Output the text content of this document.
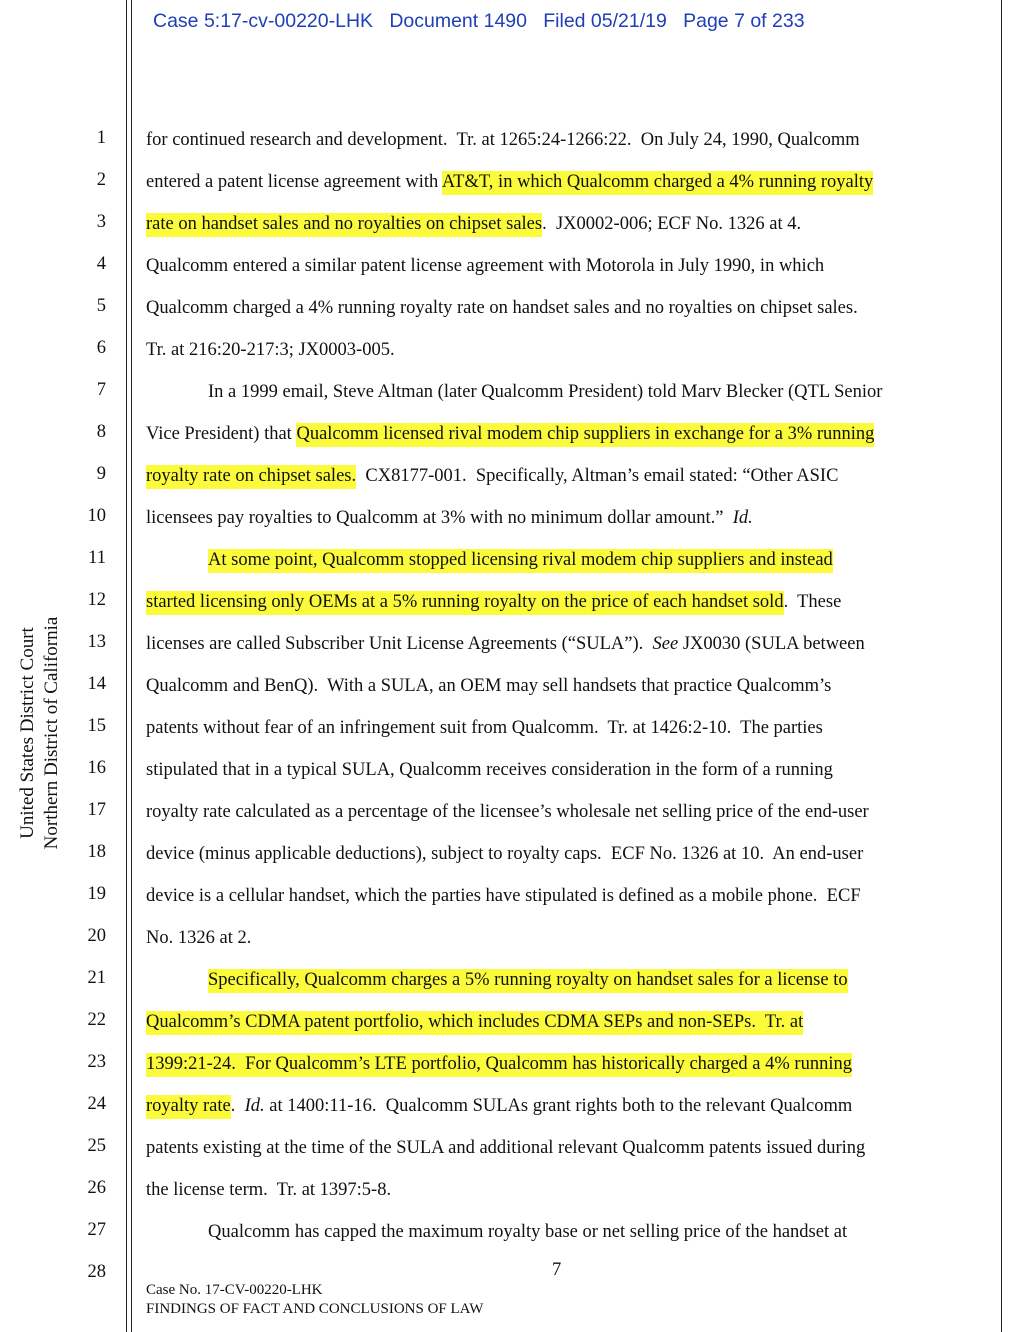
Case 5:17-cv-00220-LHK Document 1490 Filed 05/21/19 Page 7 of 233
United States District Court Northern District of California
1
2
3
4
5
6
7
8
9
10
11
12
13
14
15
16
17
18
19
20
21
22
23
24
25
26
27
28
for continued research and development.  Tr. at 1265:24-1266:22.  On July 24, 1990, Qualcomm
entered a patent license agreement with AT&T, in which Qualcomm charged a 4% running royalty
rate on handset sales and no royalties on chipset sales.  JX0002-006; ECF No. 1326 at 4.
Qualcomm entered a similar patent license agreement with Motorola in July 1990, in which
Qualcomm charged a 4% running royalty rate on handset sales and no royalties on chipset sales.
Tr. at 216:20-217:3; JX0003-005.
In a 1999 email, Steve Altman (later Qualcomm President) told Marv Blecker (QTL Senior
Vice President) that Qualcomm licensed rival modem chip suppliers in exchange for a 3% running
royalty rate on chipset sales.  CX8177-001.  Specifically, Altman’s email stated: “Other ASIC
licensees pay royalties to Qualcomm at 3% with no minimum dollar amount.”  Id.
At some point, Qualcomm stopped licensing rival modem chip suppliers and instead
started licensing only OEMs at a 5% running royalty on the price of each handset sold.  These
licenses are called Subscriber Unit License Agreements (“SULA”).  See JX0030 (SULA between
Qualcomm and BenQ).  With a SULA, an OEM may sell handsets that practice Qualcomm’s
patents without fear of an infringement suit from Qualcomm.  Tr. at 1426:2-10.  The parties
stipulated that in a typical SULA, Qualcomm receives consideration in the form of a running
royalty rate calculated as a percentage of the licensee’s wholesale net selling price of the end-user
device (minus applicable deductions), subject to royalty caps.  ECF No. 1326 at 10.  An end-user
device is a cellular handset, which the parties have stipulated is defined as a mobile phone.  ECF
No. 1326 at 2.
Specifically, Qualcomm charges a 5% running royalty on handset sales for a license to
Qualcomm’s CDMA patent portfolio, which includes CDMA SEPs and non-SEPs.  Tr. at
1399:21-24.  For Qualcomm’s LTE portfolio, Qualcomm has historically charged a 4% running
royalty rate.  Id. at 1400:11-16.  Qualcomm SULAs grant rights both to the relevant Qualcomm
patents existing at the time of the SULA and additional relevant Qualcomm patents issued during
the license term.  Tr. at 1397:5-8.
Qualcomm has capped the maximum royalty base or net selling price of the handset at
7
Case No. 17-CV-00220-LHK
FINDINGS OF FACT AND CONCLUSIONS OF LAW
